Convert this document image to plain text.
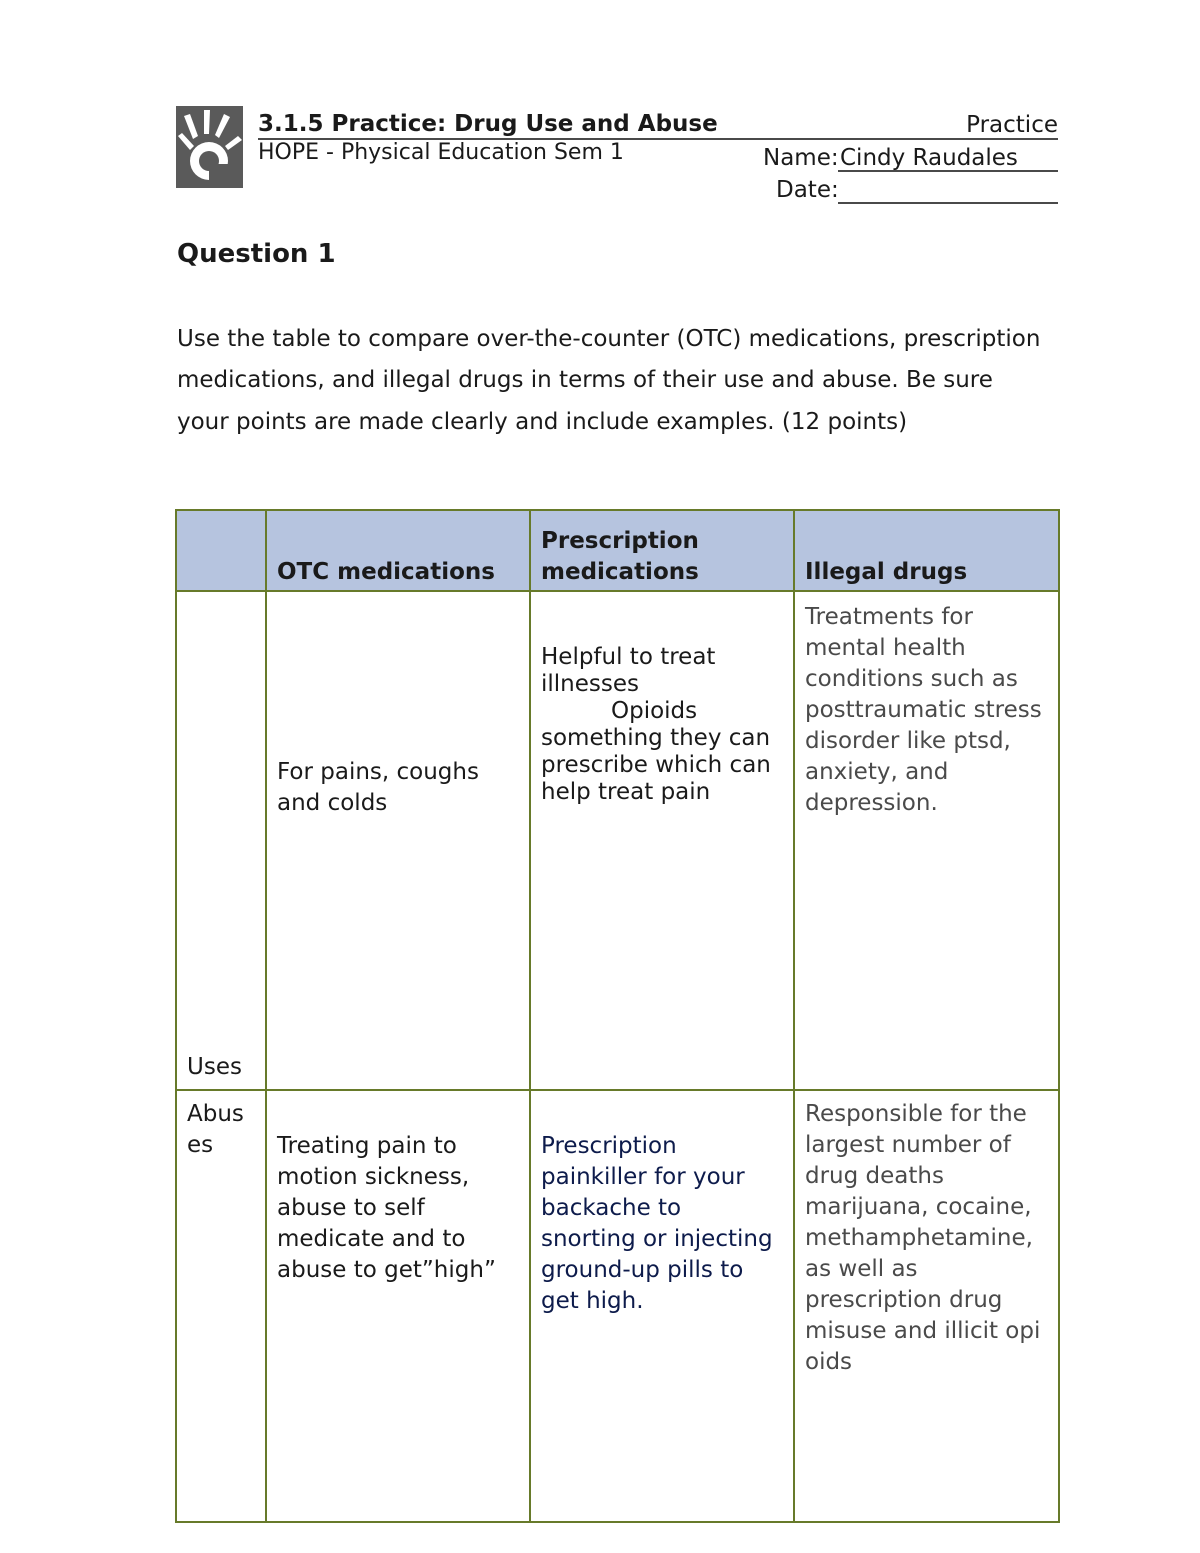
3.1.5 Practice: Drug Use and Abuse	Practice
HOPE - Physical Education Sem 1	Name: Cindy Raudales
Date:
Question 1
Use the table to compare over-the-counter (OTC) medications, prescription medications, and illegal drugs in terms of their use and abuse. Be sure your points are made clearly and include examples. (12 points)
	OTC medications	Prescription medications	Illegal drugs
Uses	For pains, coughs and colds	Helpful to treat illnesses
Opioids
something they can prescribe which can help treat pain	Treatments for mental health conditions such as posttraumatic stress disorder like ptsd, anxiety, and depression.
Abus es	Treating pain to motion sickness, abuse to self medicate and to abuse to get”high”	Prescription painkiller for your backache to snorting or injecting ground-up pills to get high.	Responsible for the largest number of drug deaths marijuana, cocaine, methamphetamine, as well as prescription drug misuse and illicit opi oids
